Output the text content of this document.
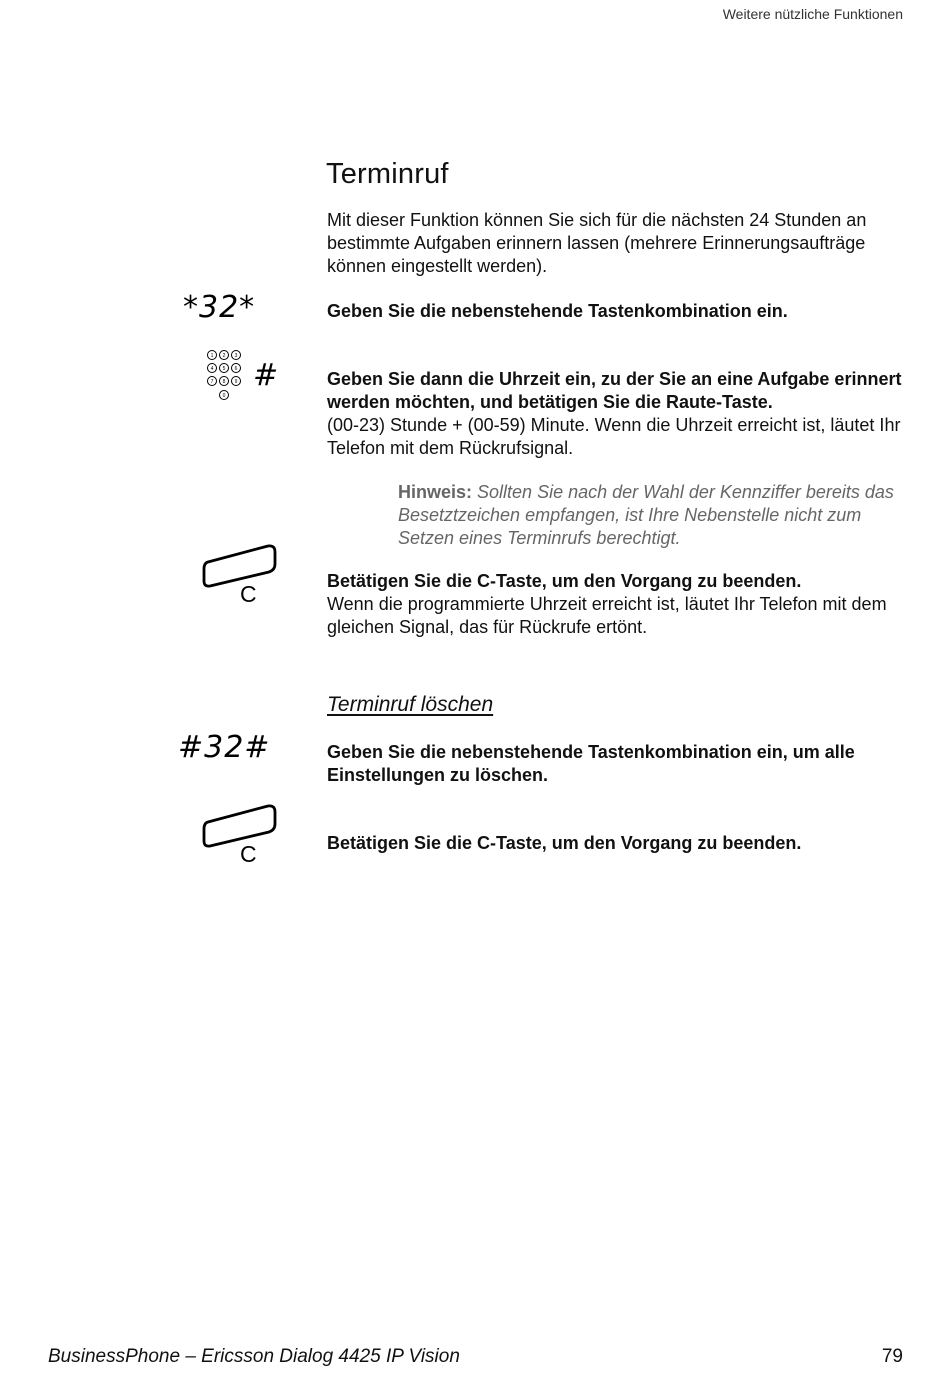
Weitere nützliche Funktionen
Terminruf
Mit dieser Funktion können Sie sich für die nächsten 24 Stunden an bestimmte Aufgaben erinnern lassen (mehrere Erinnerungsaufträge können eingestellt werden).
*32*	Geben Sie die nebenstehende Tastenkombination ein.
1 2 3
4 5 6
7 8 9
0
#	Geben Sie dann die Uhrzeit ein, zu der Sie an eine Aufgabe erinnert werden möchten, und betätigen Sie die Raute-Taste.
(00-23) Stunde + (00-59) Minute. Wenn die Uhrzeit erreicht ist, läutet Ihr Telefon mit dem Rückrufsignal.
Hinweis: Sollten Sie nach der Wahl der Kennziffer bereits das Besetztzeichen empfangen, ist Ihre Nebenstelle nicht zum Setzen eines Terminrufs berechtigt.
C	Betätigen Sie die C-Taste, um den Vorgang zu beenden.
Wenn die programmierte Uhrzeit erreicht ist, läutet Ihr Telefon mit dem gleichen Signal, das für Rückrufe ertönt.
Terminruf löschen
#32#	Geben Sie die nebenstehende Tastenkombination ein, um alle Einstellungen zu löschen.
C	Betätigen Sie die C-Taste, um den Vorgang zu beenden.
BusinessPhone – Ericsson Dialog 4425 IP Vision	79
